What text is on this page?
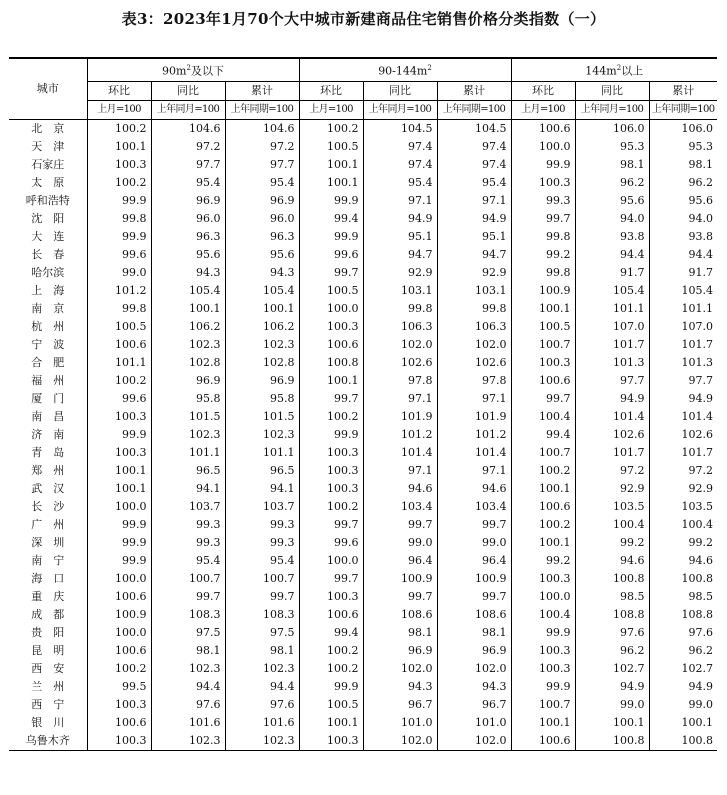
表3：2023年1月70个大中城市新建商品住宅销售价格分类指数（一）
城市	$90m^2$及以下			$90-144m^2$			$144m^2$以上		
	环比	同比	累计	环比	同比	累计	环比	同比	累计
	上月=100	上年同月=100	上年同期=100	上月=100	上年同月=100	上年同期=100	上月=100	上年同月=100	上年同期=100
北　京	100.2	104.6	104.6	100.2	104.5	104.5	100.6	106.0	106.0
天　津	100.1	97.2	97.2	100.5	97.4	97.4	100.0	95.3	95.3
石家庄	100.3	97.7	97.7	100.1	97.4	97.4	99.9	98.1	98.1
太　原	100.2	95.4	95.4	100.1	95.4	95.4	100.3	96.2	96.2
呼和浩特	99.9	96.9	96.9	99.9	97.1	97.1	99.3	95.6	95.6
沈　阳	99.8	96.0	96.0	99.4	94.9	94.9	99.7	94.0	94.0
大　连	99.9	96.3	96.3	99.9	95.1	95.1	99.8	93.8	93.8
长　春	99.6	95.6	95.6	99.6	94.7	94.7	99.2	94.4	94.4
哈尔滨	99.0	94.3	94.3	99.7	92.9	92.9	99.8	91.7	91.7
上　海	101.2	105.4	105.4	100.5	103.1	103.1	100.9	105.4	105.4
南　京	99.8	100.1	100.1	100.0	99.8	99.8	100.1	101.1	101.1
杭　州	100.5	106.2	106.2	100.3	106.3	106.3	100.5	107.0	107.0
宁　波	100.6	102.3	102.3	100.6	102.0	102.0	100.7	101.7	101.7
合　肥	101.1	102.8	102.8	100.8	102.6	102.6	100.3	101.3	101.3
福　州	100.2	96.9	96.9	100.1	97.8	97.8	100.6	97.7	97.7
厦　门	99.6	95.8	95.8	99.7	97.1	97.1	99.7	94.9	94.9
南　昌	100.3	101.5	101.5	100.2	101.9	101.9	100.4	101.4	101.4
济　南	99.9	102.3	102.3	99.9	101.2	101.2	99.4	102.6	102.6
青　岛	100.3	101.1	101.1	100.3	101.4	101.4	100.7	101.7	101.7
郑　州	100.1	96.5	96.5	100.3	97.1	97.1	100.2	97.2	97.2
武　汉	100.1	94.1	94.1	100.3	94.6	94.6	100.1	92.9	92.9
长　沙	100.0	103.7	103.7	100.2	103.4	103.4	100.6	103.5	103.5
广　州	99.9	99.3	99.3	99.7	99.7	99.7	100.2	100.4	100.4
深　圳	99.9	99.3	99.3	99.6	99.0	99.0	100.1	99.2	99.2
南　宁	99.9	95.4	95.4	100.0	96.4	96.4	99.2	94.6	94.6
海　口	100.0	100.7	100.7	99.7	100.9	100.9	100.3	100.8	100.8
重　庆	100.6	99.7	99.7	100.3	99.7	99.7	100.0	98.5	98.5
成　都	100.9	108.3	108.3	100.6	108.6	108.6	100.4	108.8	108.8
贵　阳	100.0	97.5	97.5	99.4	98.1	98.1	99.9	97.6	97.6
昆　明	100.6	98.1	98.1	100.2	96.9	96.9	100.3	96.2	96.2
西　安	100.2	102.3	102.3	100.2	102.0	102.0	100.3	102.7	102.7
兰　州	99.5	94.4	94.4	99.9	94.3	94.3	99.9	94.9	94.9
西　宁	100.3	97.6	97.6	100.5	96.7	96.7	100.7	99.0	99.0
银　川	100.6	101.6	101.6	100.1	101.0	101.0	100.1	100.1	100.1
乌鲁木齐	100.3	102.3	102.3	100.3	102.0	102.0	100.6	100.8	100.8
